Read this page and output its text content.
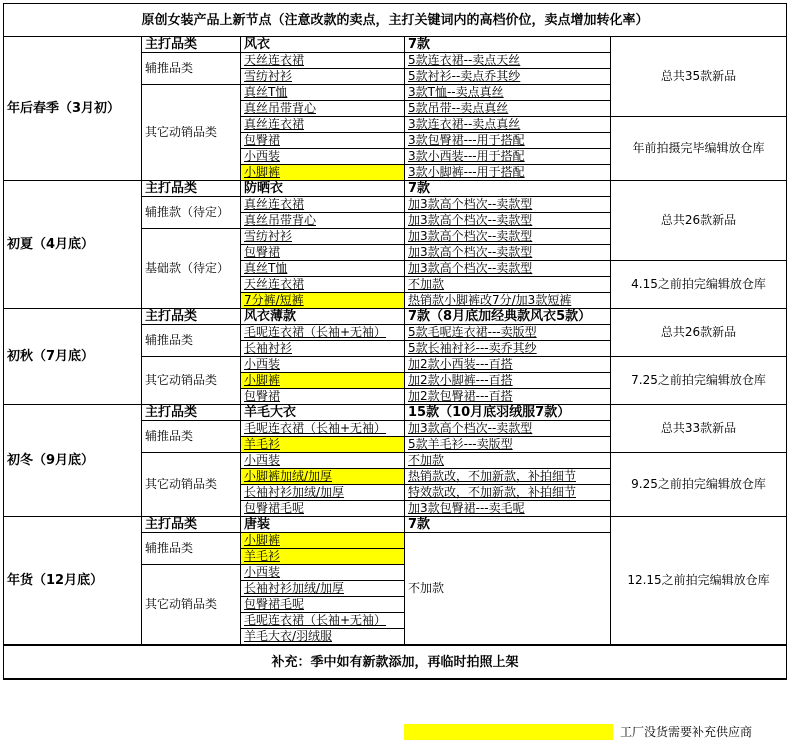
原创女装产品上新节点（注意改款的卖点，主打关键词内的高档价位，卖点增加转化率）				
年后春季（3月初）	主打品类	风衣	7款	总共35款新品
	辅推品类	天丝连衣裙	5款连衣裙--卖点天丝	
		雪纺衬衫	5款衬衫--卖点乔其纱	
	其它动销品类	真丝T恤	3款T恤--卖点真丝	
		真丝吊带背心	5款吊带--卖点真丝	
		真丝连衣裙	3款连衣裙--卖点真丝	年前拍摄完毕编辑放仓库
		包臀裙	3款包臀裙---用于搭配	
		小西装	3款小西装---用于搭配	
		小脚裤	3款小脚裤---用于搭配	
初夏（4月底）	主打品类	防晒衣	7款	总共26款新品
	辅推款（待定）	真丝连衣裙	加3款高个档次--卖款型	
		真丝吊带背心	加3款高个档次--卖款型	
	基础款（待定）	雪纺衬衫	加3款高个档次--卖款型	
		包臀裙	加3款高个档次--卖款型	
		真丝T恤	加3款高个档次--卖款型	4.15之前拍完编辑放仓库
		天丝连衣裙	不加款	
		7分裤/短裤	热销款小脚裤改7分/加3款短裤	
初秋（7月底）	主打品类	风衣薄款	7款（8月底加经典款风衣5款）	总共26款新品
	辅推品类	毛呢连衣裙（长袖+无袖）	5款毛呢连衣裙---卖版型	
		长袖衬衫	5款长袖衬衫---卖乔其纱	
	其它动销品类	小西装	加2款小西装---百搭	7.25之前拍完编辑放仓库
		小脚裤	加2款小脚裤---百搭	
		包臀裙	加2款包臀裙---百搭	
初冬（9月底）	主打品类	羊毛大衣	15款（10月底羽绒服7款）	总共33款新品
	辅推品类	毛呢连衣裙（长袖+无袖）	加3款高个档次--卖款型	
		羊毛衫	5款羊毛衫---卖版型	
	其它动销品类	小西装	不加款	9.25之前拍完编辑放仓库
		小脚裤加绒/加厚	热销款改，不加新款，补拍细节	
		长袖衬衫加绒/加厚	特效款改，不加新款，补拍细节	
		包臀裙毛呢	加3款包臀裙---卖毛呢	
年货（12月底）	主打品类	唐装	7款	12.15之前拍完编辑放仓库
	辅推品类	小脚裤	不加款	
		羊毛衫		
	其它动销品类	小西装		
		长袖衬衫加绒/加厚		
		包臀裙毛呢		
		毛呢连衣裙（长袖+无袖）		
		羊毛大衣/羽绒服		
补充：季中如有新款添加，再临时拍照上架				
工厂没货需要补充供应商
